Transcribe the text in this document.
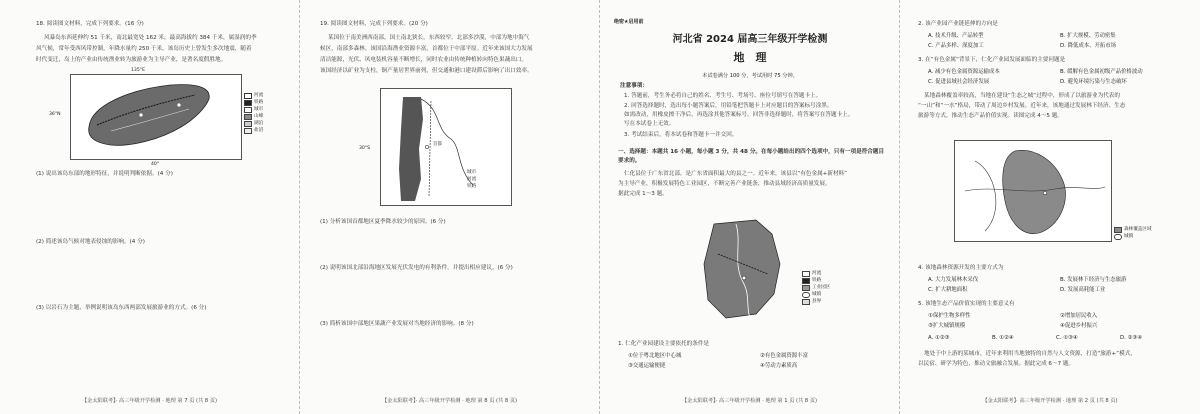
18. 阅读图文材料，完成下列要求。(16 分)
风暴岛东西延伸约 51 千米，南北最宽处 162 米，最高海拔约 384 千米，属湿润的季
风气候，常年受西风带控制，年降水量约 250 千米。该岛历史上曾发生多次地震，随着
时代变迁，岛上的产业由传统渔业转为旅游业为主导产业，是著名度假胜地。
135°E
36°N
40°
河流
铁路
城市
山峰
湖泊
盐沼
(1) 说出该岛东部的地形特征，并说明判断依据。(4 分)
(2) 简述该岛气候对地表侵蚀的影响。(4 分)
(3) 以岩石为主题，举例说明该岛东西两部发展旅游业的方式。(6 分)
【金太阳联考】· 高三年级开学检测 · 地理 第 7 页 (共 8 页)
19. 阅读图文材料，完成下列要求。(20 分)
某国位于南美洲西南部，国土南北狭长，东西较窄。北部多沙漠，中部为地中海气
候区，南部多森林。该国沿海渔业资源丰富，首都位于中部平原。近年来该国大力发展
清洁能源，光伏、风电装机容量不断增长，同时农业由传统种植转向特色果蔬出口。
该国经济以矿业为支柱，铜产量居世界前列，但交通和港口建设滞后影响了出口效率。
30°S
首都
城市
河流
铁路
(1) 分析该国首都地区夏季降水较少的原因。(6 分)
(2) 说明该国北部沿海地区发展光伏发电的有利条件，并提出相应建议。(6 分)
(3) 简析该国中部地区果蔬产业发展对当地经济的影响。(8 分)
【金太阳联考】· 高三年级开学检测 · 地理 第 8 页 (共 8 页)
绝密★启用前
河北省 2024 届高三年级开学检测
地　理
本试卷满分 100 分，考试用时 75 分钟。
注意事项：
1. 答题前，考生务必将自己的姓名、考生号、考场号、座位号填写在答题卡上。
2. 回答选择题时，选出每小题答案后，用铅笔把答题卡上对应题目的答案标号涂黑。
如需改动，用橡皮擦干净后，再选涂其他答案标号。回答非选择题时，将答案写在答题卡上。
写在本试卷上无效。
3. 考试结束后，将本试卷和答题卡一并交回。
一、选择题：本题共 16 小题，每小题 3 分，共 48 分。在每小题给出的四个选项中，只有一项是符合题目要求的。
仁化县位于广东省北部，是广东省面积最大的县之一。近年来，该县以“有色金属+新材料”
为主导产业，积极发展特色工业园区，不断完善产业链条，推动县域经济高质量发展。
据此完成 1～3 题。
河流
铁路
工业园区
城镇
县界
1. 仁化产业园建设主要依托的条件是
①位于粤北地区中心城	②有色金属资源丰富
③交通运输便捷	④劳动力素质高
【金太阳联考】· 高三年级开学检测 · 地理 第 1 页 (共 8 页)
2. 该产业园产业链延伸的方向是
A. 技术升级、产品转型	B. 扩大规模、劳动密集
C. 产品多样、深度加工	D. 降低成本、开拓市场
3. 在“有色金属”背景下，仁化产业园发展面临的主要问题是
A. 减少有色金属资源运输成本	B. 缓解有色金属初级产品价格波动
C. 促进县域社会经济发展	D. 避免环境污染与生态破坏
某地森林覆盖率较高，当地在建设“生态之城”过程中，形成了以旅游业为代表的
“一山”和“一水”格局，带动了周边乡村发展。近年来，该地通过发展林下经济、生态
旅游等方式，推动生态产品价值实现。读图完成 4～5 题。
森林覆盖区域
城镇
4. 该地森林资源开发的主要方式为
A. 大力发展林木采伐	B. 发展林下经济与生态旅游
C. 扩大耕地面积	D. 发展高耗能工业
5. 该地生态产品价值实现的主要意义有
①保护生物多样性	②增加居民收入
③扩大城镇规模	④促进乡村振兴
A. ①②③	B. ①②④	C. ①③④	D. ②③④
地处于中上游的某城市，近年来利用当地独特的自然与人文资源，打造“旅游+”模式，
以民宿、研学为特色，推动文旅融合发展。据此完成 6～7 题。
【金太阳联考】· 高三年级开学检测 · 地理 第 2 页 (共 8 页)
